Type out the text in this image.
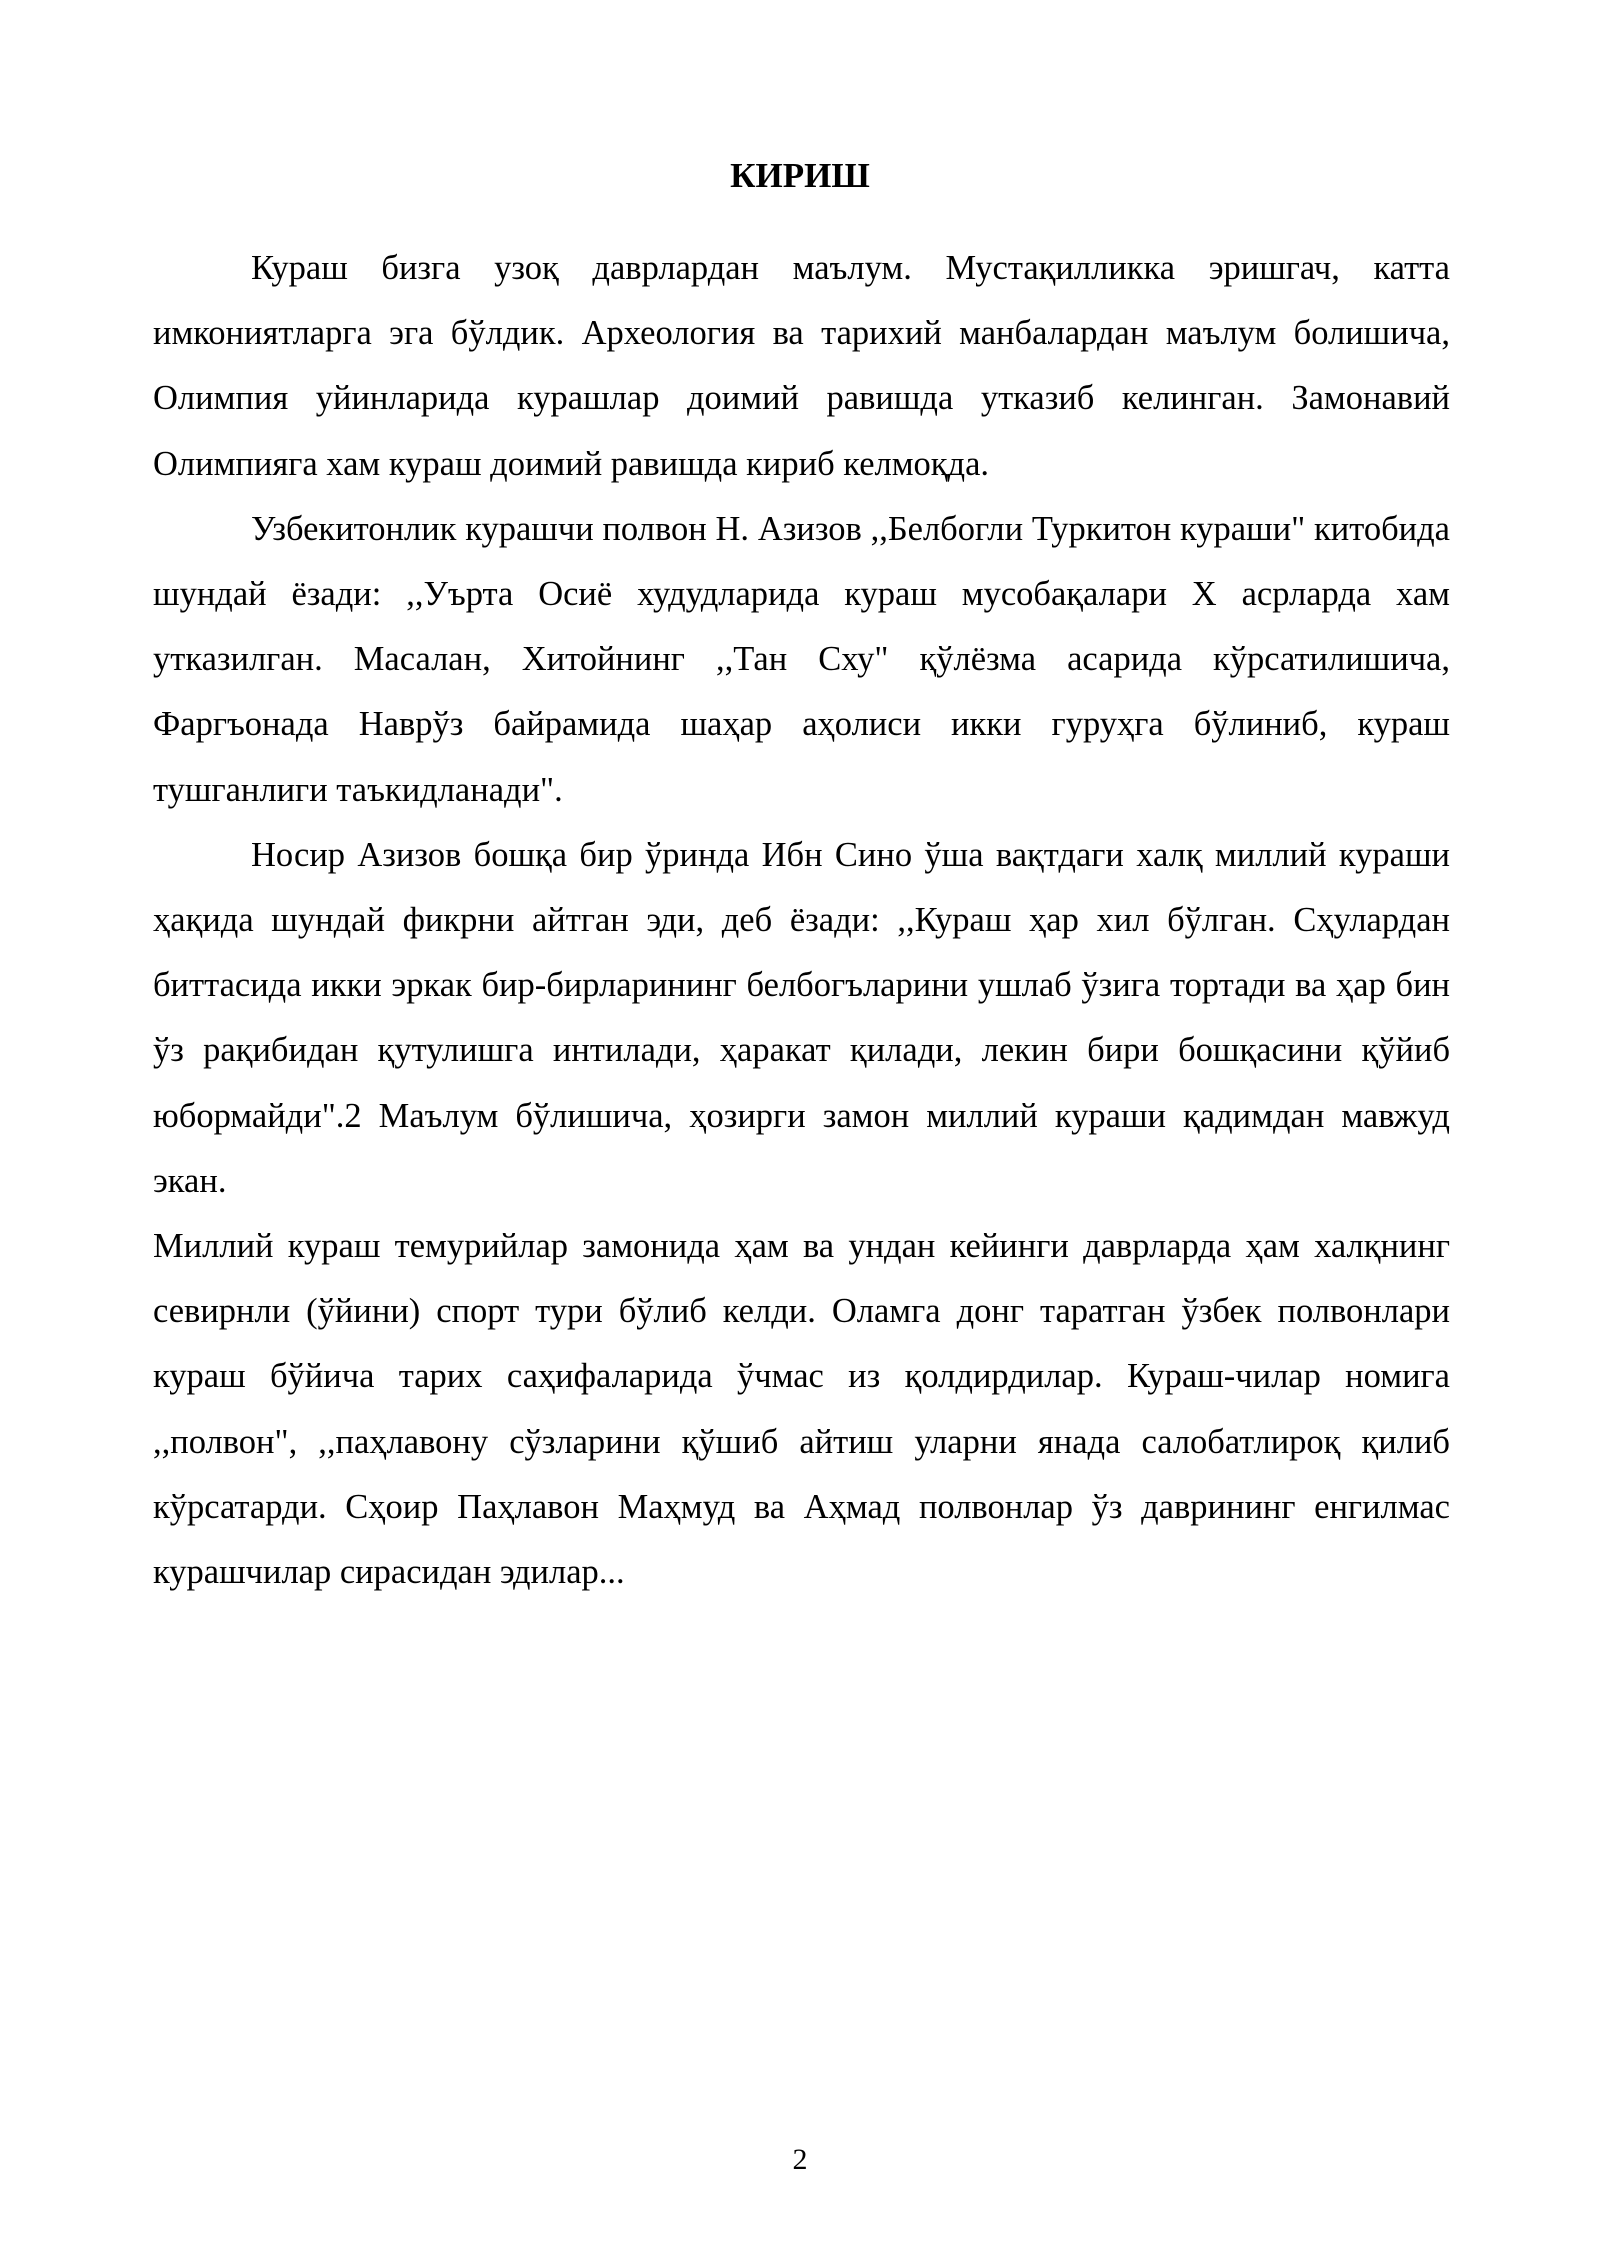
КИРИШ

Кураш бизга узоқ даврлардан маълум. Мустақилликка эришгач, катта имкониятларга эга бўлдик. Археология ва тарихий манбалардан маълум болишича, Олимпия уйинларида курашлар доимий равишда утказиб келинган. Замонавий Олимпияга хам кураш доимий равишда кириб келмоқда.

Узбекитонлик курашчи полвон Н. Азизов ,,Белбогли Туркитон кураши" китобида шундай ёзади: ,,Уърта Осиё худудларида кураш мусобақалари Х асрларда хам утказилган. Масалан, Хитойнинг ,,Тан Сху" қўлёзма асарида кўрсатилишича, Фаргъонада Наврўз байрамида шаҳар аҳолиси икки гуруҳга бўлиниб, кураш тушганлиги таъкидланади".

Носир Азизов бошқа бир ўринда Ибн Сино ўша вақтдаги халқ миллий кураши ҳақида шундай фикрни айтган эди, деб ёзади: ,,Кураш ҳар хил бўлган. Сҳулардан биттасида икки эркак бир-бирларининг белбогъларини ушлаб ўзига тортади ва ҳар бин ўз рақибидан қутулишга интилади, ҳаракат қилади, лекин бири бошқасини қўйиб юбормайди".2 Маълум бўлишича, ҳозирги замон миллий кураши қадимдан мавжуд экан.

Миллий кураш темурийлар замонида ҳам ва ундан кейинги даврларда ҳам халқнинг севирнли (ўйини) спорт тури бўлиб келди. Оламга донг таратган ўзбек полвонлари кураш бўйича тарих саҳифаларида ўчмас из қолдирдилар. Кураш-чилар номига ,,полвон", ,,паҳлавону сўзларини қўшиб айтиш уларни янада салобатлироқ қилиб кўрсатарди. Сҳоир Паҳлавон Маҳмуд ва Аҳмад полвонлар ўз даврининг енгилмас курашчилар сирасидан эдилар...

2
